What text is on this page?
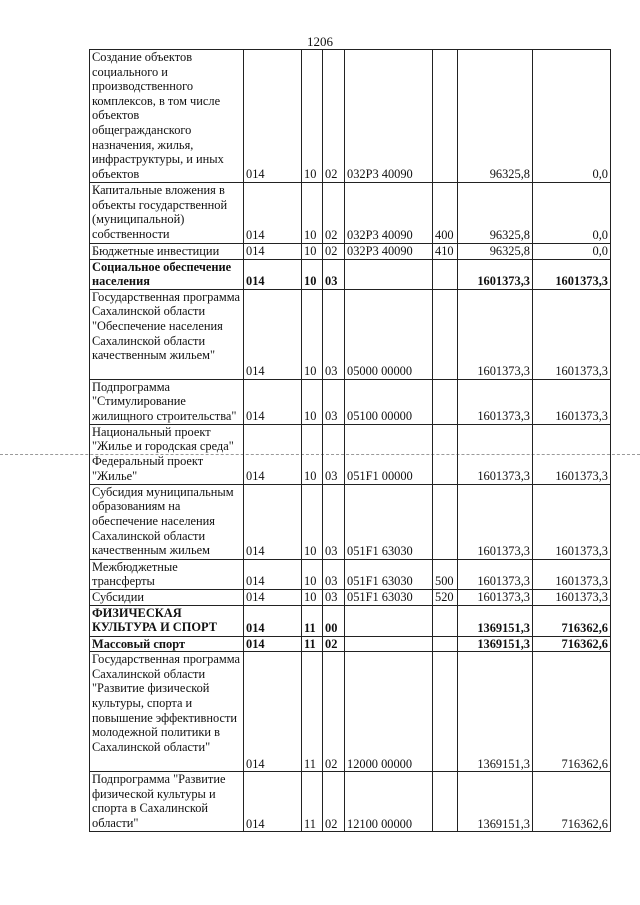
1206
Создание объектов социального и производственного комплексов, в том числе объектов общегражданского назначения, жилья, инфраструктуры, и иных объектов	014	10	02	032Р3 40090		96325,8	0,0
Капитальные вложения в объекты государственной (муниципальной) собственности	014	10	02	032Р3 40090	400	96325,8	0,0
Бюджетные инвестиции	014	10	02	032Р3 40090	410	96325,8	0,0
Социальное обеспечение населения	014	10	03			1601373,3	1601373,3
Государственная программа Сахалинской области "Обеспечение населения Сахалинской области качественным жильем"	014	10	03	05000 00000		1601373,3	1601373,3
Подпрограмма "Стимулирование жилищного строительства"	014	10	03	05100 00000		1601373,3	1601373,3
Национальный проект "Жилье и городская среда" Федеральный проект "Жилье"	014	10	03	051F1 00000		1601373,3	1601373,3
Субсидия муниципальным образованиям на обеспечение населения Сахалинской области качественным жильем	014	10	03	051F1 63030		1601373,3	1601373,3
Межбюджетные трансферты	014	10	03	051F1 63030	500	1601373,3	1601373,3
Субсидии	014	10	03	051F1 63030	520	1601373,3	1601373,3
ФИЗИЧЕСКАЯ КУЛЬТУРА И СПОРТ	014	11	00			1369151,3	716362,6
Массовый спорт	014	11	02			1369151,3	716362,6
Государственная программа Сахалинской области "Развитие физической культуры, спорта и повышение эффективности молодежной политики в Сахалинской области"	014	11	02	12000 00000		1369151,3	716362,6
Подпрограмма "Развитие физической культуры и спорта в Сахалинской области"	014	11	02	12100 00000		1369151,3	716362,6
